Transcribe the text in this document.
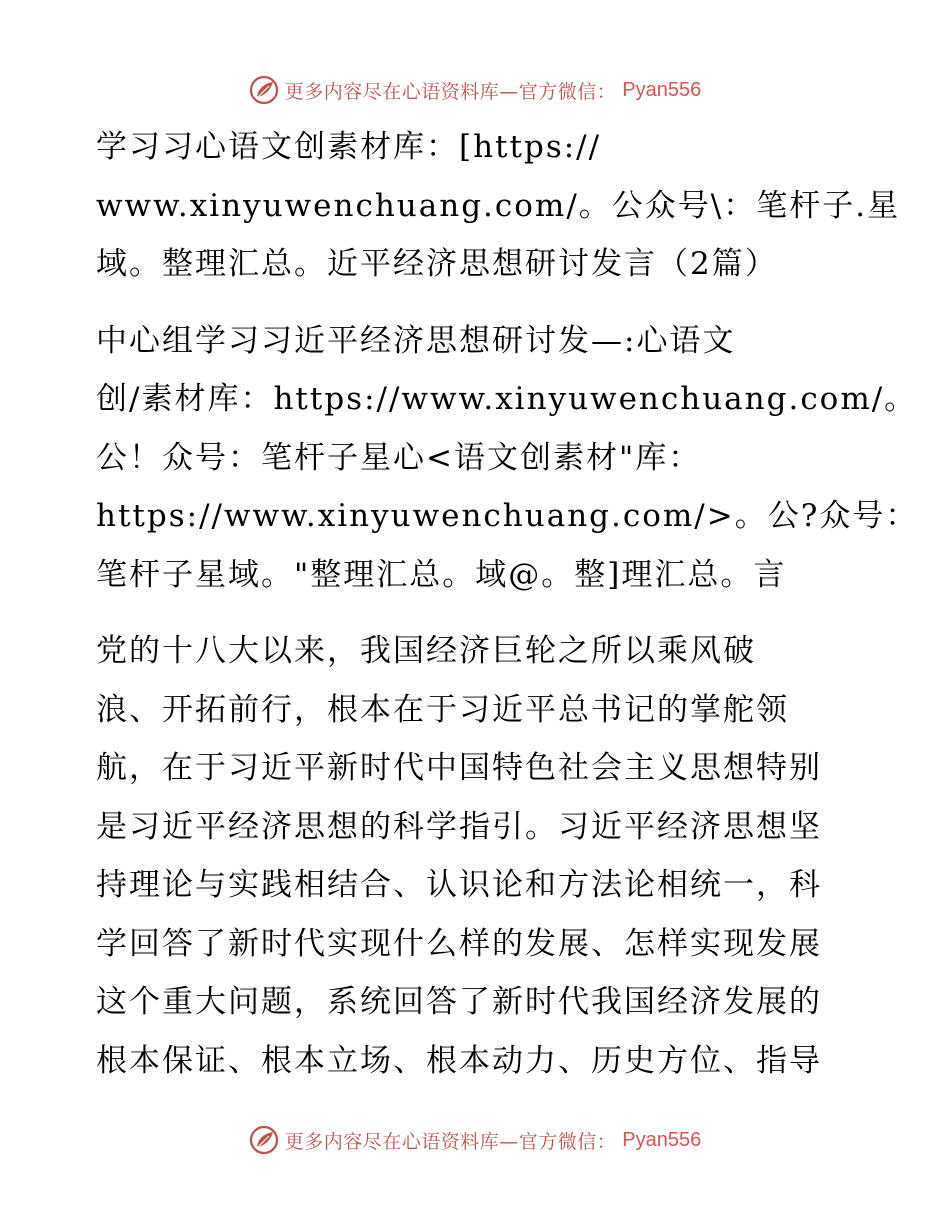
更多内容尽在心语资料库—官方微信： Pyan556

学习习心语文创素材库：[https://
www.xinyuwenchuang.com/。公众号\：笔杆子.星
域。整理汇总。近平经济思想研讨发言（2篇）

中心组学习习近平经济思想研讨发—:心语文
创/素材库：https://www.xinyuwenchuang.com/。
公！众号：笔杆子星心<语文创素材"库：
https://www.xinyuwenchuang.com/>。公?众号：
笔杆子星域。"整理汇总。域@。整]理汇总。言

党的十八大以来，我国经济巨轮之所以乘风破
浪、开拓前行，根本在于习近平总书记的掌舵领
航，在于习近平新时代中国特色社会主义思想特别
是习近平经济思想的科学指引。习近平经济思想坚
持理论与实践相结合、认识论和方法论相统一，科
学回答了新时代实现什么样的发展、怎样实现发展
这个重大问题，系统回答了新时代我国经济发展的
根本保证、根本立场、根本动力、历史方位、指导

更多内容尽在心语资料库—官方微信： Pyan556
